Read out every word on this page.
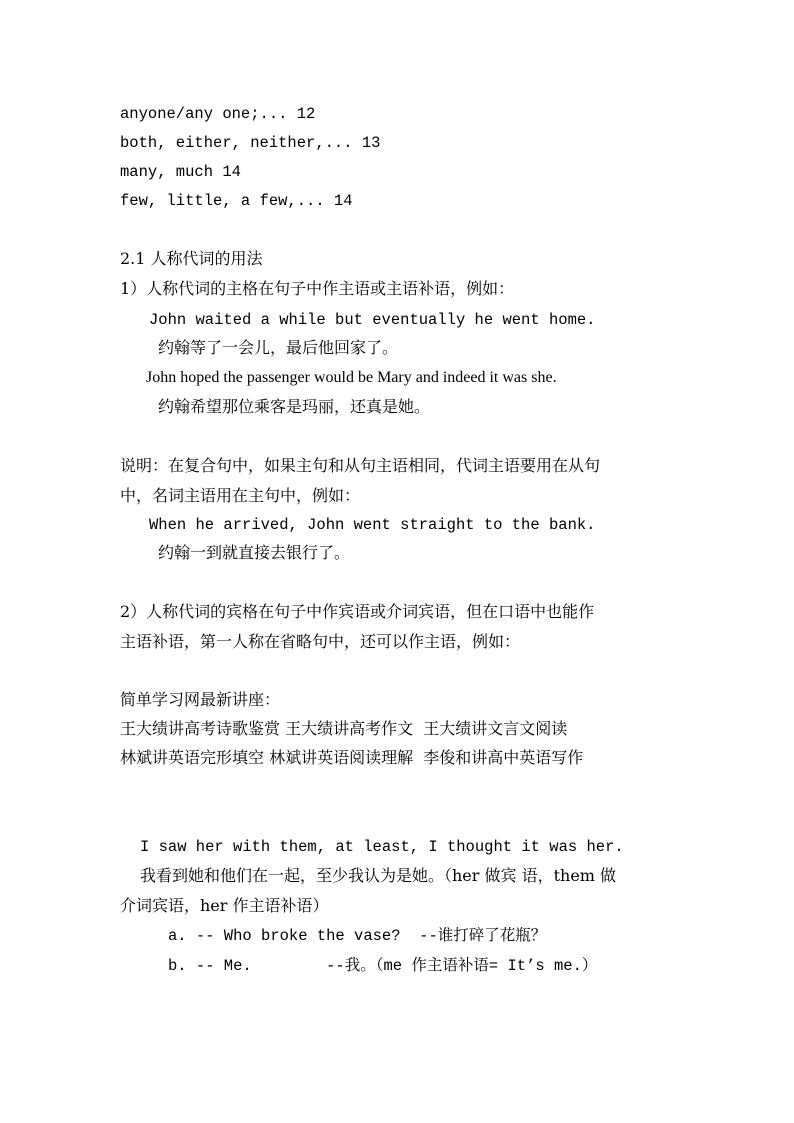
anyone/any one;... 12
both, either, neither,... 13
many, much 14
few, little, a few,... 14
2.1 人称代词的用法
1）人称代词的主格在句子中作主语或主语补语，例如：
John waited a while but eventually he went home.
约翰等了一会儿，最后他回家了。
John hoped the passenger would be Mary and indeed it was she.
约翰希望那位乘客是玛丽，还真是她。
说明：在复合句中，如果主句和从句主语相同，代词主语要用在从句
中，名词主语用在主句中，例如：
When he arrived, John went straight to the bank.
约翰一到就直接去银行了。
2）人称代词的宾格在句子中作宾语或介词宾语，但在口语中也能作
主语补语，第一人称在省略句中，还可以作主语，例如：
简单学习网最新讲座：
王大绩讲高考诗歌鉴赏 王大绩讲高考作文  王大绩讲文言文阅读
林斌讲英语完形填空 林斌讲英语阅读理解  李俊和讲高中英语写作
I saw her with them, at least, I thought it was her.
我看到她和他们在一起，至少我认为是她。（her 做宾 语，them 做
介词宾语，her 作主语补语）
a. -- Who broke the vase?  --谁打碎了花瓶？
b. -- Me.        --我。（me 作主语补语= It’s me.）
